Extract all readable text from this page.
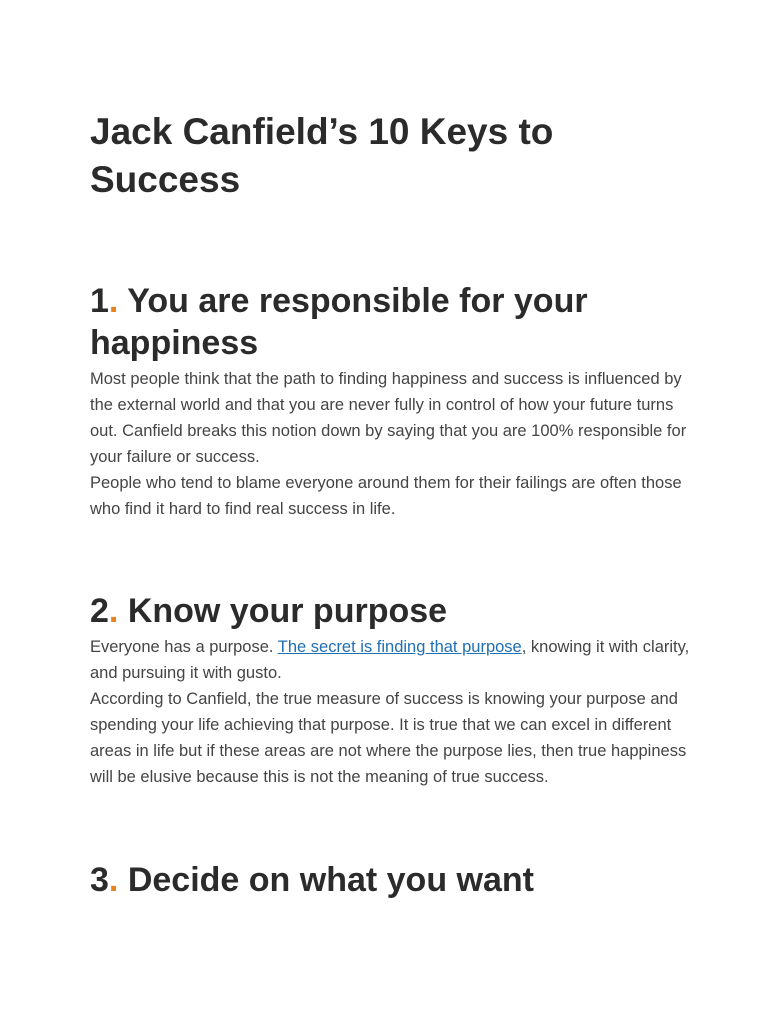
Jack Canfield’s 10 Keys to
Success
1. You are responsible for your happiness

Most people think that the path to finding happiness and success is influenced by the external world and that you are never fully in control of how your future turns out. Canfield breaks this notion down by saying that you are 100% responsible for your failure or success.

People who tend to blame everyone around them for their failings are often those who find it hard to find real success in life.

2. Know your purpose

Everyone has a purpose. The secret is finding that purpose, knowing it with clarity, and pursuing it with gusto.

According to Canfield, the true measure of success is knowing your purpose and spending your life achieving that purpose. It is true that we can excel in different areas in life but if these areas are not where the purpose lies, then true happiness will be elusive because this is not the meaning of true success.

3. Decide on what you want
